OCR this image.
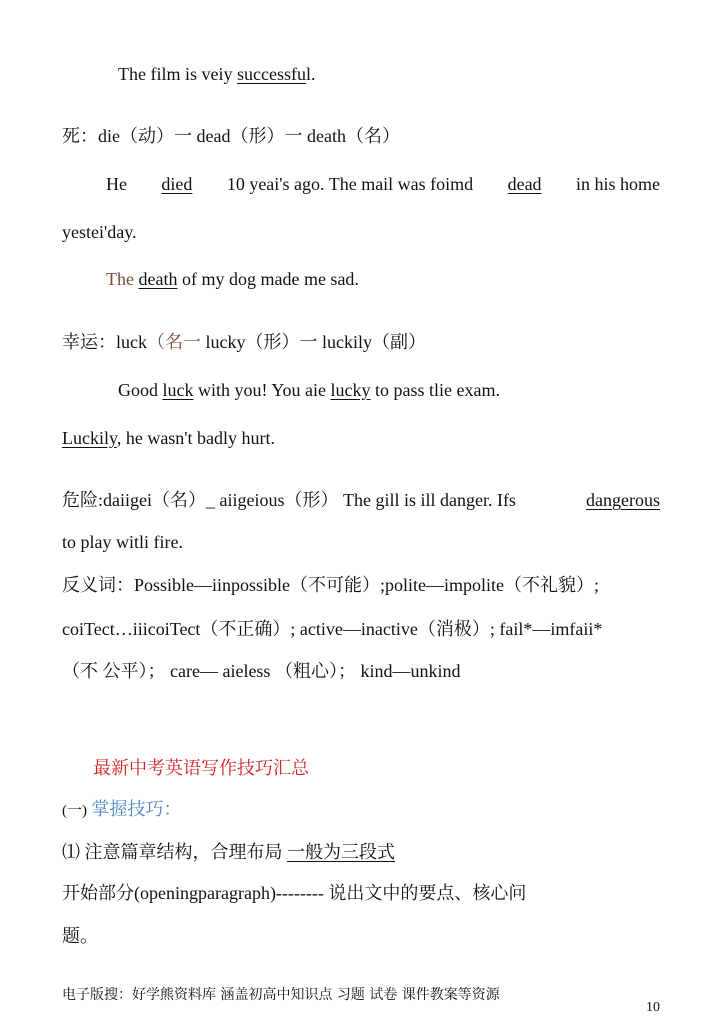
The film is veiy successful.
死：die（动）一 dead（形）一 death（名）
He died 10 yeai's ago. The mail was foimd dead in his home
yestei'day.
The death of my dog made me sad.
幸运：luck（名一 lucky（形）一 luckily（副）
Good luck with you! You aie lucky to pass tlie exam.
Luckily, he wasn't badly hurt.
危险:daiigei（名）_ aiigeious（形） The gill is ill danger. Ifs	dangerous
to play witli fire.
反义词：Possible—iinpossible（不可能）;polite—impolite（不礼貌）;
coiTect…iiicoiTect（不正确）; active—inactive（消极）; fail*—imfaii*
（不 公平）； care— aieless （粗心）； kind—unkind
最新中考英语写作技巧汇总
(一) 掌握技巧：
⑴ 注意篇章结构，合理布局 一般为三段式
开始部分(openingparagraph)-------- 说出文中的要点、核心问
题。
电子版搜：好学熊资料库 涵盖初高中知识点 习题 试卷 课件教案等资源
10
